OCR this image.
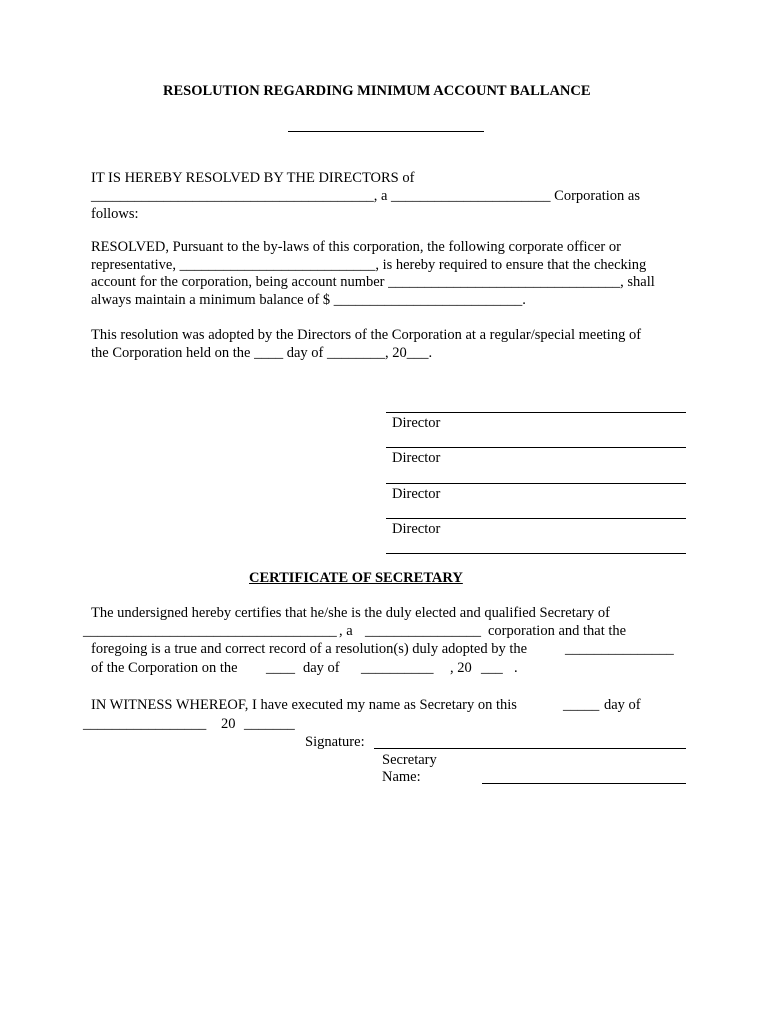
RESOLUTION REGARDING MINIMUM ACCOUNT BALLANCE
IT IS HEREBY RESOLVED BY THE DIRECTORS of
_______________________________________, a ______________________ Corporation as
follows:
RESOLVED, Pursuant to the by-laws of this corporation, the following corporate officer or
representative, ___________________________, is hereby required to ensure that the checking
account for the corporation, being account number ________________________________, shall
always maintain a minimum balance of $ __________________________.
This resolution was adopted by the Directors of the Corporation at a regular/special meeting of
the Corporation held on the ____ day of ________, 20___.
Director
Director
Director
Director
CERTIFICATE OF SECRETARY
The undersigned hereby certifies that he/she is the duly elected and qualified Secretary of
___________________________________ , a ________________ corporation and that the
foregoing is a true and correct record of a resolution(s) duly adopted by the	_______________
of the Corporation on the ____ day of __________ , 20 ___ .
IN WITNESS WHEREOF, I have executed my name as Secretary on this	_____ day of
_________________ 20 _______
Signature:
Secretary
Name:
